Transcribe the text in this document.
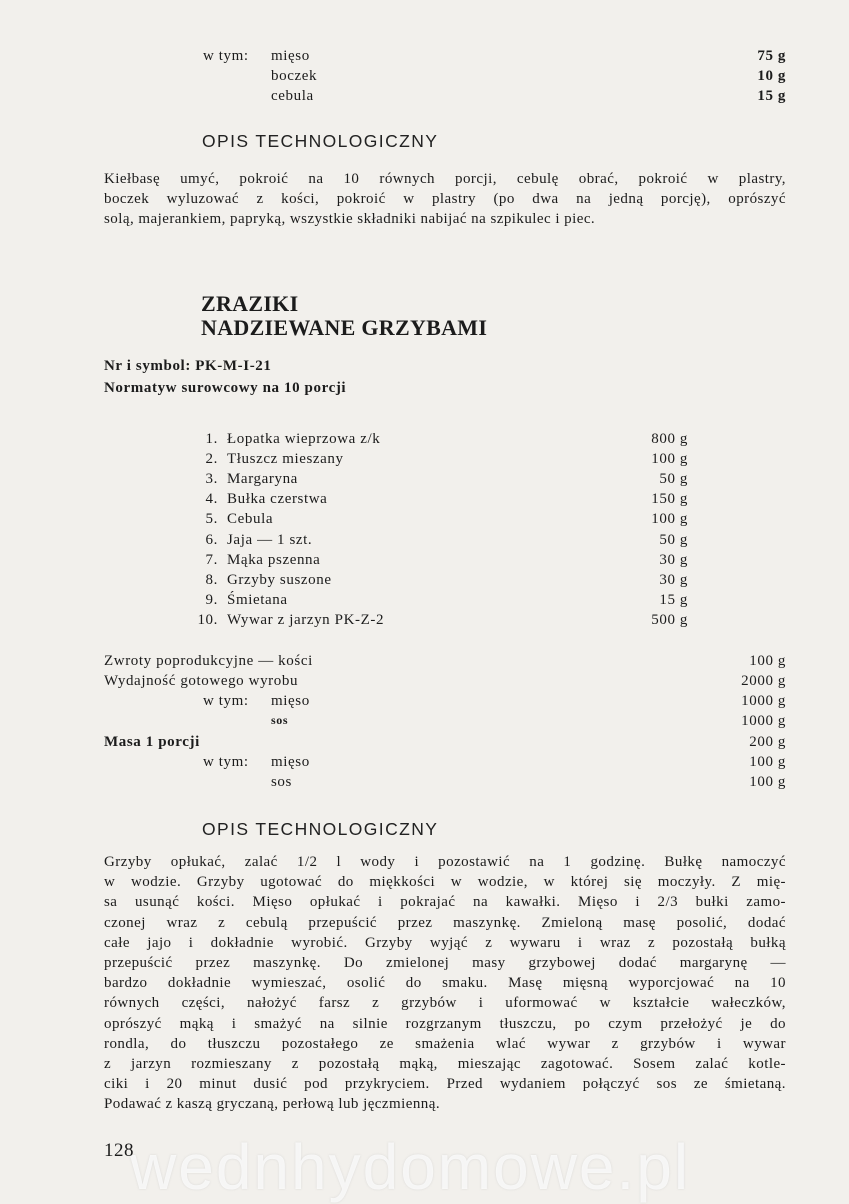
w tym: mięso	75 g
boczek	10 g
cebula	15 g
OPIS TECHNOLOGICZNY
Kiełbasę umyć, pokroić na 10 równych porcji, cebulę obrać, pokroić w plastry,
boczek wyluzować z kości, pokroić w plastry (po dwa na jedną porcję), oprószyć
solą, majerankiem, papryką, wszystkie składniki nabijać na szpikulec i piec.
ZRAZIKI
NADZIEWANE GRZYBAMI
Nr i symbol: PK-M-I-21
Normatyw surowcowy na 10 porcji
1. Łopatka wieprzowa z/k	800 g
2. Tłuszcz mieszany	100 g
3. Margaryna	50 g
4. Bułka czerstwa	150 g
5. Cebula	100 g
6. Jaja — 1 szt.	50 g
7. Mąka pszenna	30 g
8. Grzyby suszone	30 g
9. Śmietana	15 g
10. Wywar z jarzyn PK-Z-2	500 g
Zwroty poprodukcyjne — kości	100 g
Wydajność gotowego wyrobu	2000 g
w tym: mięso	1000 g
sos	1000 g
Masa 1 porcji	200 g
w tym: mięso	100 g
sos	100 g
OPIS TECHNOLOGICZNY
Grzyby opłukać, zalać 1/2 l wody i pozostawić na 1 godzinę. Bułkę namoczyć
w wodzie. Grzyby ugotować do miękkości w wodzie, w której się moczyły. Z mię-
sa usunąć kości. Mięso opłukać i pokrajać na kawałki. Mięso i 2/3 bułki zamo-
czonej wraz z cebulą przepuścić przez maszynkę. Zmieloną masę posolić, dodać
całe jajo i dokładnie wyrobić. Grzyby wyjąć z wywaru i wraz z pozostałą bułką
przepuścić przez maszynkę. Do zmielonej masy grzybowej dodać margarynę —
bardzo dokładnie wymieszać, osolić do smaku. Masę mięsną wyporcjować na 10
równych części, nałożyć farsz z grzybów i uformować w kształcie wałeczków,
oprószyć mąką i smażyć na silnie rozgrzanym tłuszczu, po czym przełożyć je do
rondla, do tłuszczu pozostałego ze smażenia wlać wywar z grzybów i wywar
z jarzyn rozmieszany z pozostałą mąką, mieszając zagotować. Sosem zalać kotle-
ciki i 20 minut dusić pod przykryciem. Przed wydaniem połączyć sos ze śmietaną.
Podawać z kaszą gryczaną, perłową lub jęczmienną.
wednhydomowe.pl
128
